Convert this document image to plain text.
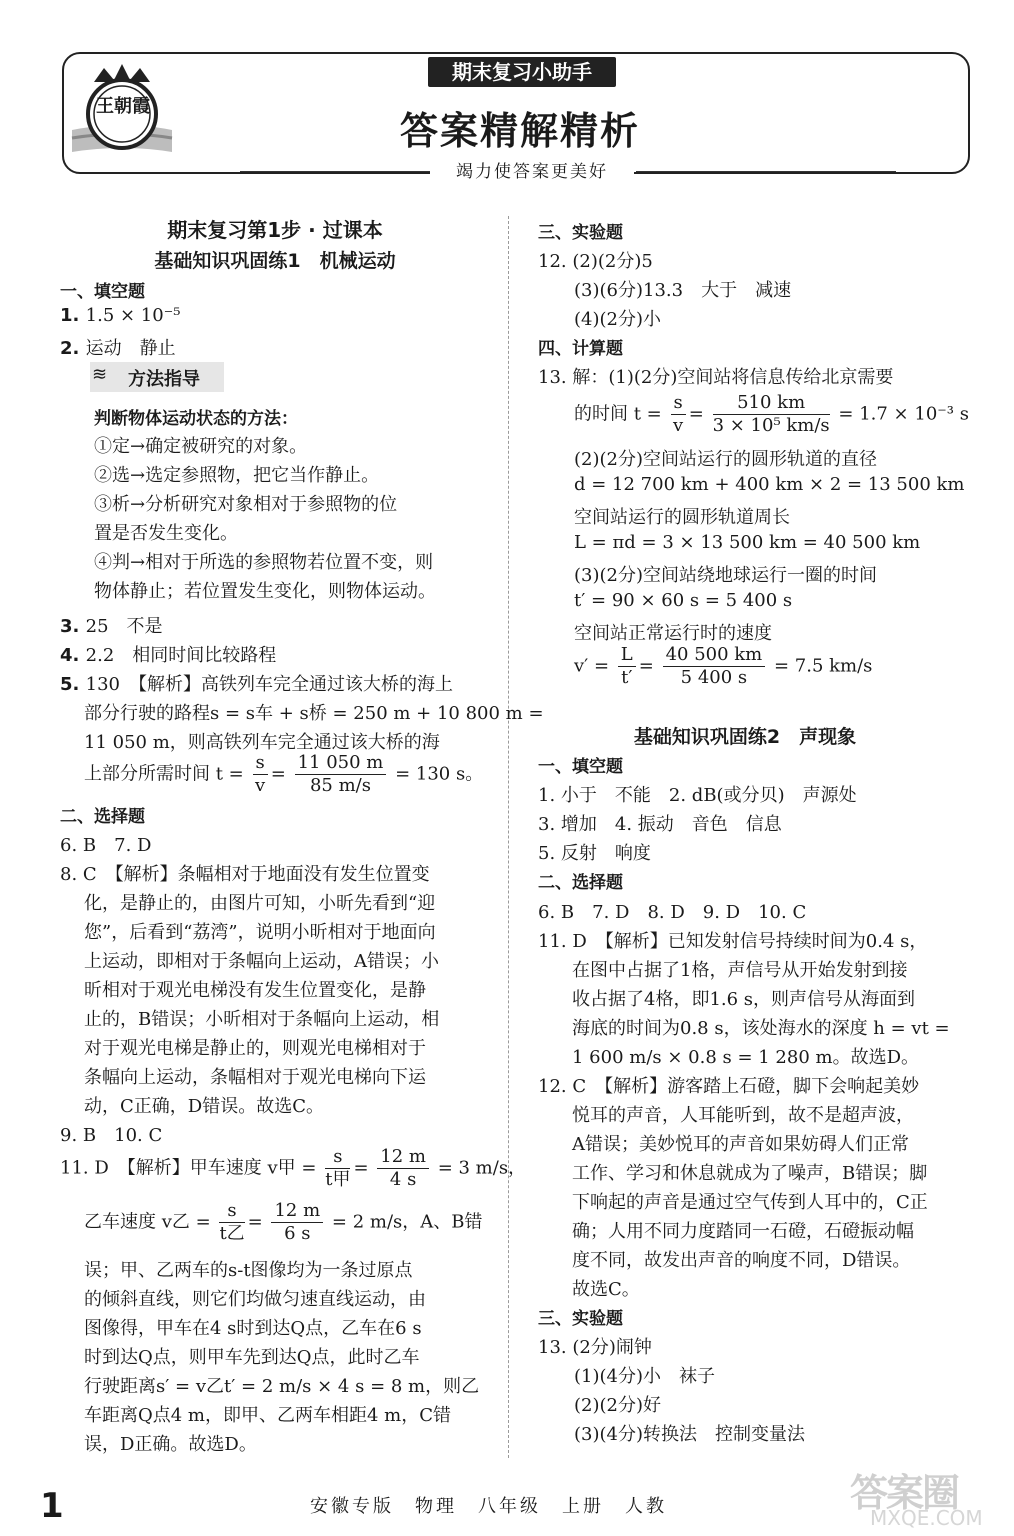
王朝霞
期末复习小助手
答案精解精析
竭力使答案更美好

期末复习第1步 · 过课本

基础知识巩固练1　机械运动

一、填空题

1. 1.5 × 10⁻⁵

2. 运动　静止

≋ 方法指导

判断物体运动状态的方法：

①定→确定被研究的对象。

②选→选定参照物，把它当作静止。

③析→分析研究对象相对于参照物的位

置是否发生变化。

④判→相对于所选的参照物若位置不变，则

物体静止；若位置发生变化，则物体运动。

3. 25　不是

4. 2.2　相同时间比较路程

5. 130　【解析】高铁列车完全通过该大桥的海上

部分行驶的路程s = s车 + s桥 = 250 m + 10 800 m =

11 050 m，则高铁列车完全通过该大桥的海

上部分所需时间 $t = \frac{s}{v} = \frac{11 050 m}{85 m/s} = 130$ s。

二、选择题

6. B　7. D

8. C　【解析】条幅相对于地面没有发生位置变

化，是静止的，由图片可知，小昕先看到“迎

您”，后看到“荔湾”，说明小昕相对于地面向

上运动，即相对于条幅向上运动，A错误；小

昕相对于观光电梯没有发生位置变化，是静

止的，B错误；小昕相对于条幅向上运动，相

对于观光电梯是静止的，则观光电梯相对于

条幅向上运动，条幅相对于观光电梯向下运

动，C正确，D错误。故选C。

9. B　10. C

11. D　【解析】甲车速度 v甲 = $\frac{s}{\text{t甲}} = \frac{12 m}{4 s} = 3$ m/s，

乙车速度 v乙 = $\frac{s}{\text{t乙}} = \frac{12 m}{6 s} = 2$ m/s，A、B错

误；甲、乙两车的s-t图像均为一条过原点

的倾斜直线，则它们均做匀速直线运动，由

图像得，甲车在4 s时到达Q点，乙车在6 s

时到达Q点，则甲车先到达Q点，此时乙车

行驶距离s′ = v乙t′ = 2 m/s × 4 s = 8 m，则乙

车距离Q点4 m，即甲、乙两车相距4 m，C错

误，D正确。故选D。

三、实验题

12. (2)(2分)5

(3)(6分)13.3　大于　减速

(4)(2分)小

四、计算题

13. 解：(1)(2分)空间站将信息传给北京需要

的时间 $t = \frac{s}{v} = \frac{510 km}{\text{3 × 10⁵ km/s}} = 1.7 \times 10^{-3}$ s

(2)(2分)空间站运行的圆形轨道的直径

d = 12 700 km + 400 km × 2 = 13 500 km

空间站运行的圆形轨道周长

L = πd = 3 × 13 500 km = 40 500 km

(3)(2分)空间站绕地球运行一圈的时间

t′ = 90 × 60 s = 5 400 s

空间站正常运行时的速度

$v' = \frac{L}{t'} = \frac{40 500 km}{5 400 s} = 7.5$ km/s

基础知识巩固练2　声现象

一、填空题

1. 小于　不能　2. dB(或分贝)　声源处

3. 增加　4. 振动　音色　信息

5. 反射　响度

二、选择题

6. B　7. D　8. D　9. D　10. C

11. D　【解析】已知发射信号持续时间为0.4 s，

在图中占据了1格，声信号从开始发射到接

收占据了4格，即1.6 s，则声信号从海面到

海底的时间为0.8 s，该处海水的深度 h = vt =

1 600 m/s × 0.8 s = 1 280 m。故选D。

12. C　【解析】游客踏上石磴，脚下会响起美妙

悦耳的声音，人耳能听到，故不是超声波，

A错误；美妙悦耳的声音如果妨碍人们正常

工作、学习和休息就成为了噪声，B错误；脚

下响起的声音是通过空气传到人耳中的，C正

确；人用不同力度踏同一石磴，石磴振动幅

度不同，故发出声音的响度不同，D错误。

故选C。

三、实验题

13. (2分)闹钟

(1)(4分)小　袜子

(2)(2分)好

(3)(4分)转换法　控制变量法

1	安徽专版　物理　八年级　上册　人教	答案圈
MXQE.COM
